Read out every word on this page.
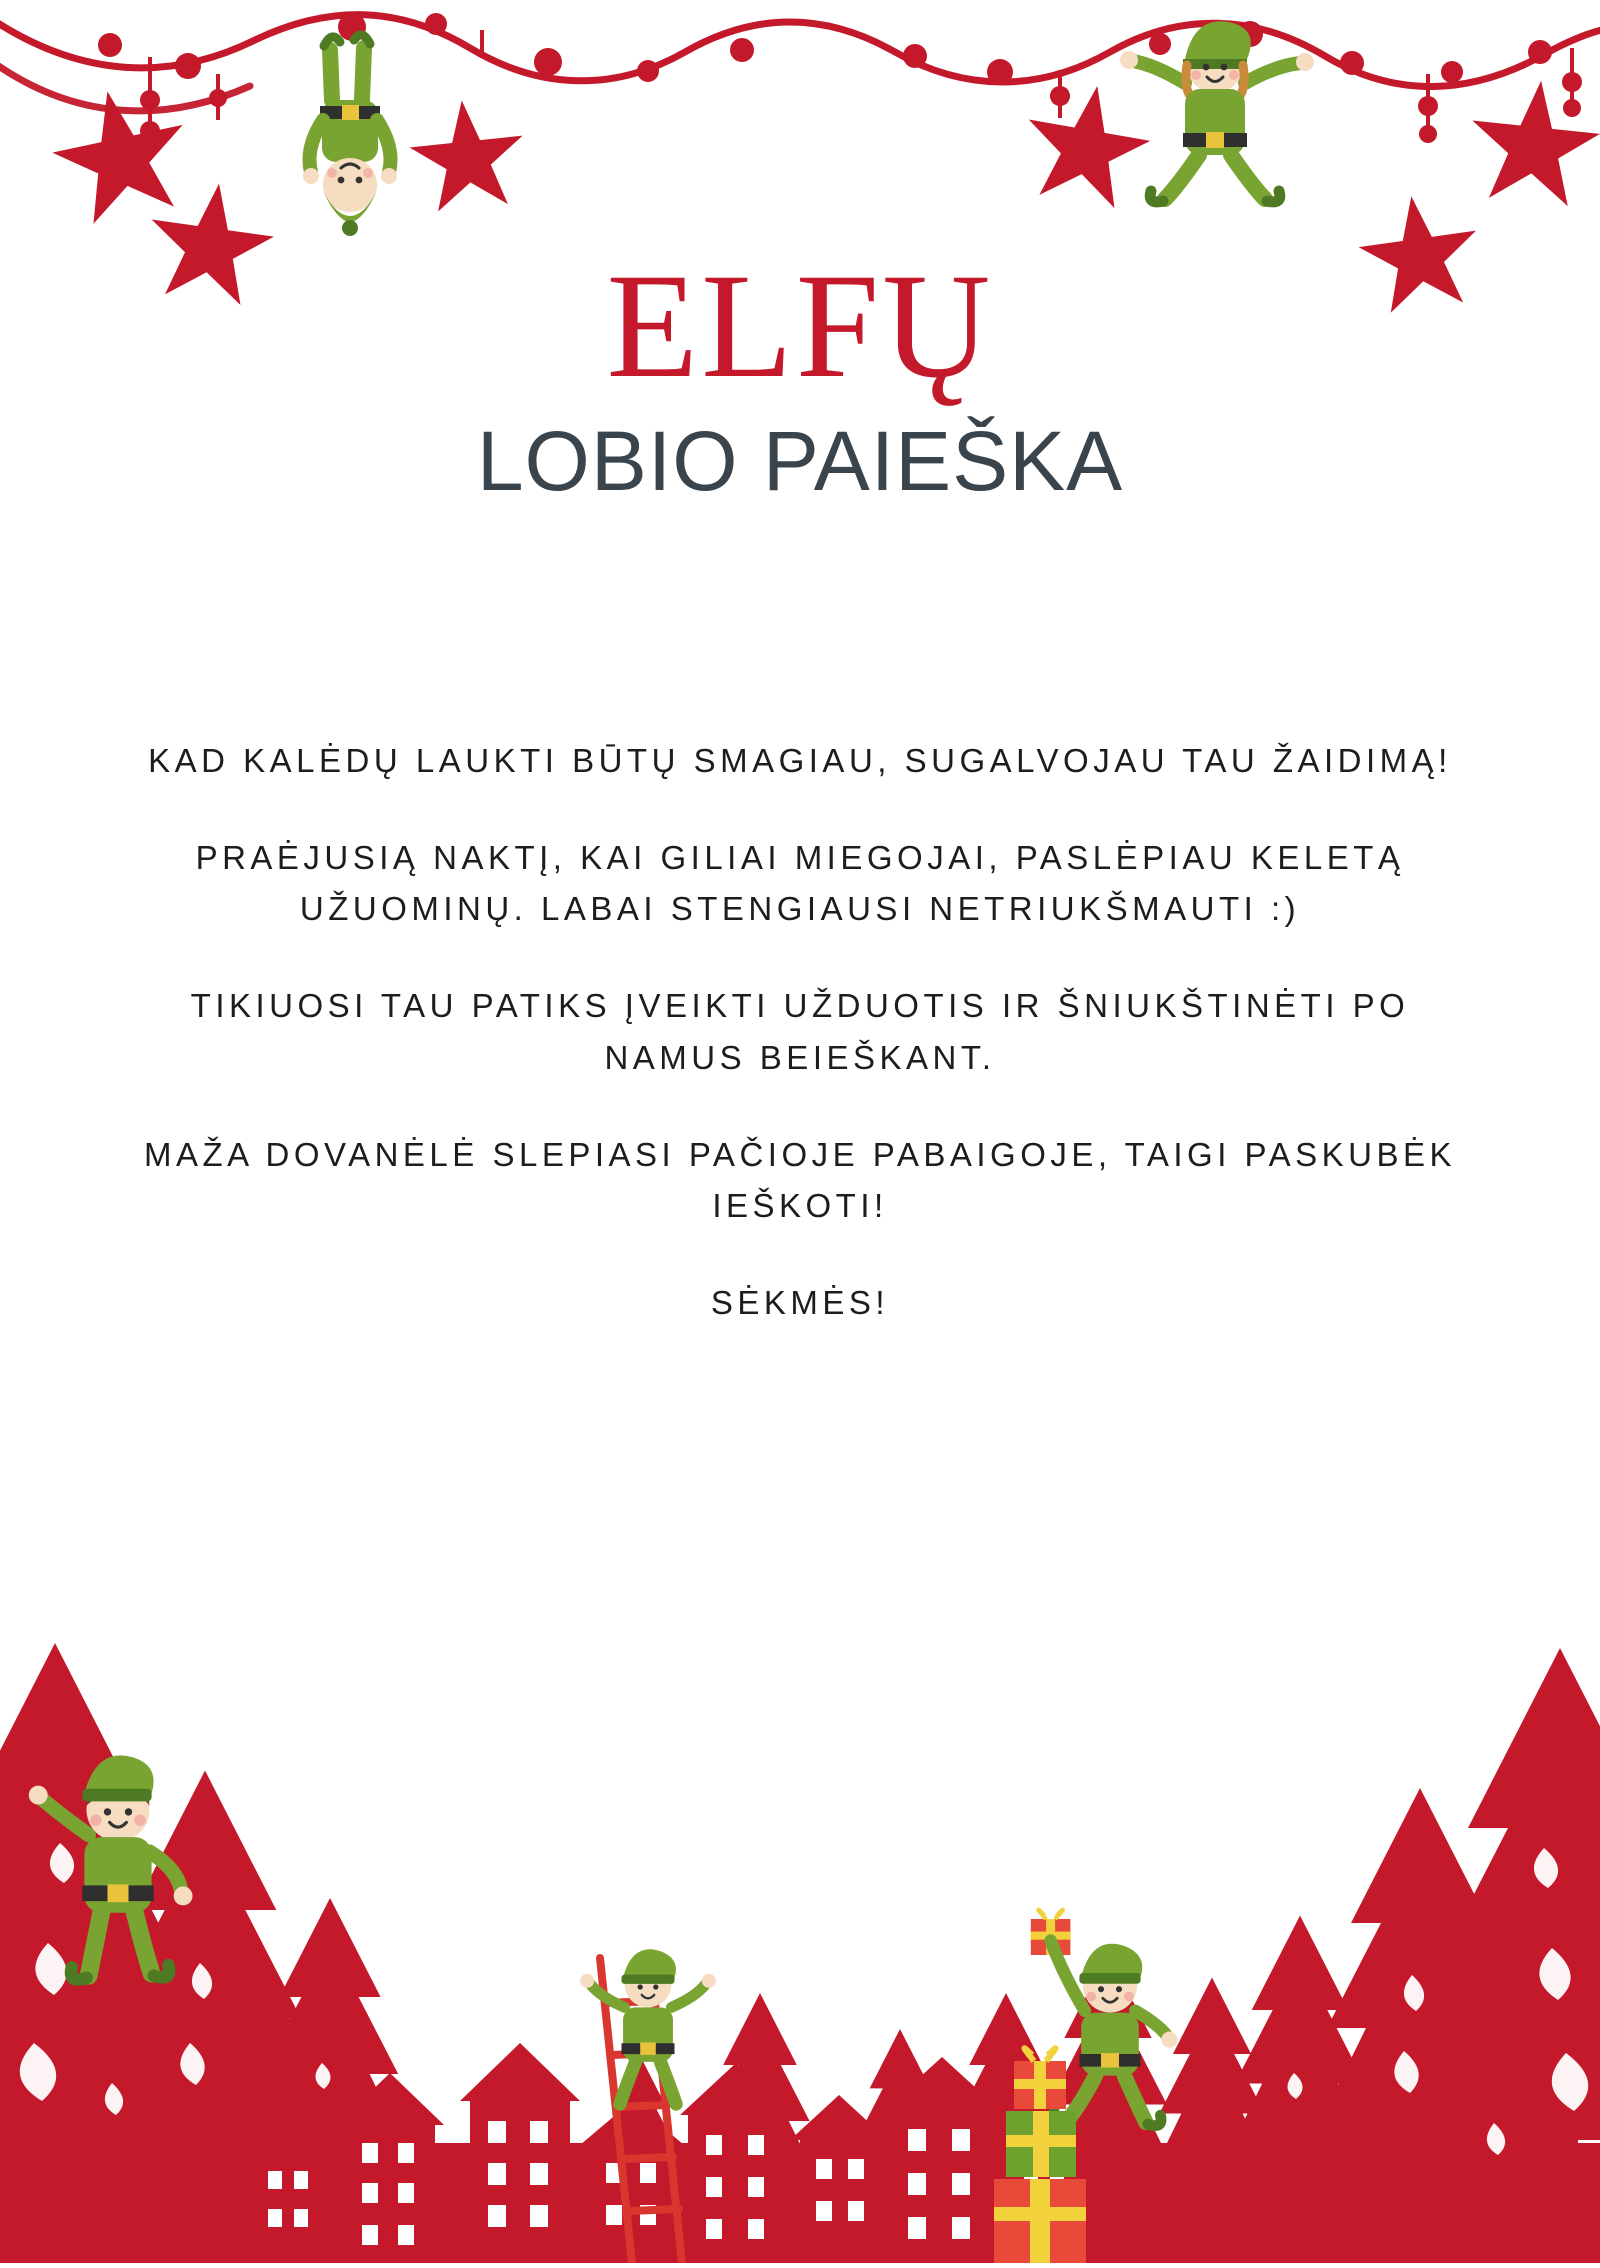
ELFŲ
LOBIO PAIEŠKA

KAD KALĖDŲ LAUKTI BŪTŲ SMAGIAU, SUGALVOJAU TAU ŽAIDIMĄ!

PRAĖJUSIĄ NAKTĮ, KAI GILIAI MIEGOJAI, PASLĖPIAU KELETĄ UŽUOMINŲ. LABAI STENGIAUSI NETRIUKŠMAUTI :)

TIKIUOSI TAU PATIKS ĮVEIKTI UŽDUOTIS IR ŠNIUKŠTINĖTI PO NAMUS BEIEŠKANT.

MAŽA DOVANĖLĖ SLEPIASI PAČIOJE PABAIGOJE, TAIGI PASKUBĖK IEŠKOTI!

SĖKMĖS!
